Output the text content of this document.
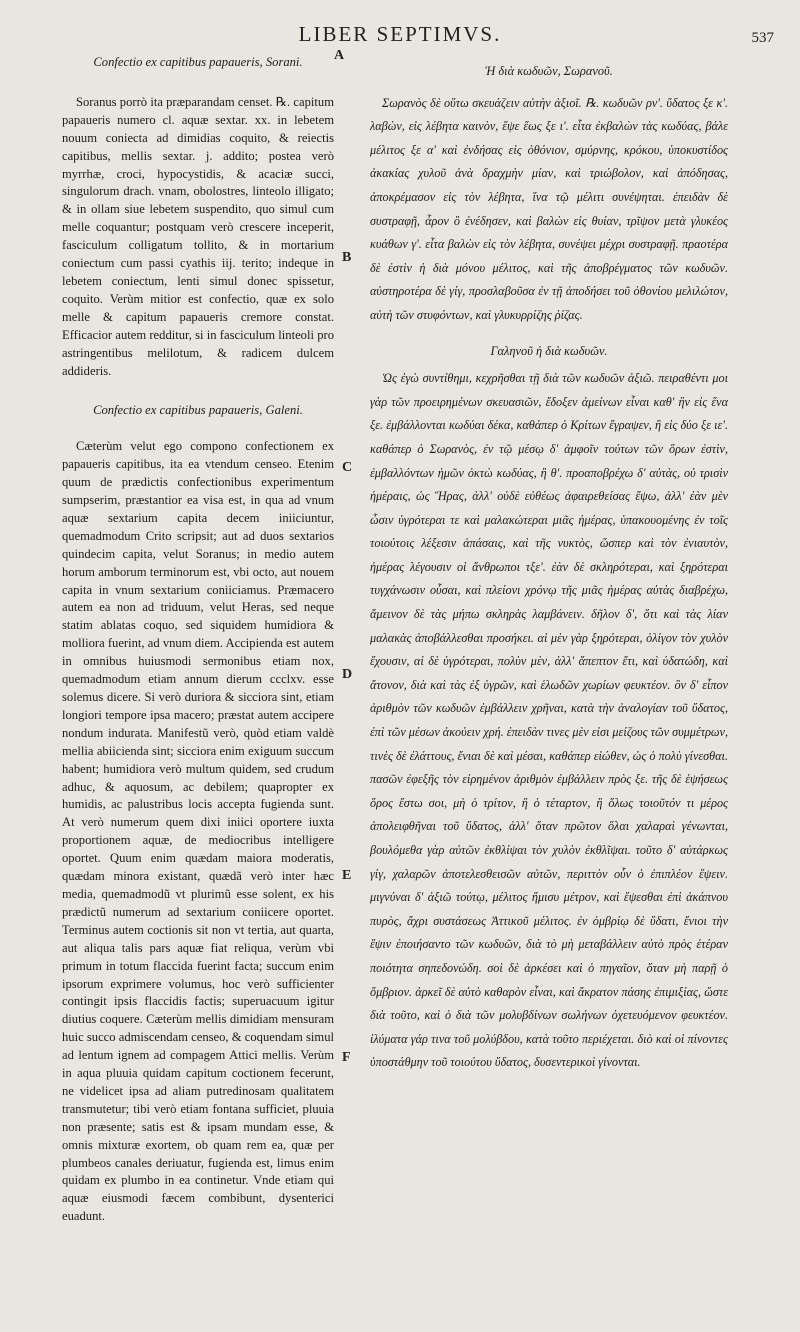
LIBER SEPTIMVS.	537
Confectio ex capitibus papaueris, Sorani.

Soranus porrò ita præparandam censet. ℞. capitum papaueris numero cl. aquæ sextar. xx. in lebetem nouum coniecta ad dimidias coquito, & reiectis capitibus, mellis sextar. j. addito; postea verò myrrhæ, croci, hypocystidis, & acaciæ succi, singulorum drach. vnam, obolostres, linteolo illigato; & in ollam siue lebetem suspendito, quo simul cum melle coquantur; postquam verò crescere inceperit, fasciculum colligatum tollito, & in mortarium coniectum cum passi cyathis iij. terito; indeque in lebetem coniectum, lenti simul donec spissetur, coquito. Verùm mitior est confectio, quæ ex solo melle & capitum papaueris cremore constat. Efficacior autem redditur, si in fasciculum linteoli pro astringentibus melilotum, & radicem dulcem addideris.

Confectio ex capitibus papaueris, Galeni.

Cæterùm velut ego compono confectionem ex papaueris capitibus, ita ea vtendum censeo. Etenim quum de prædictis confectionibus experimentum sumpserim, præstantior ea visa est, in qua ad vnum aquæ sextarium capita decem iniiciuntur, quemadmodum Crito scripsit; aut ad duos sextarios quindecim capita, velut Soranus; in medio autem horum amborum terminorum est, vbi octo, aut nouem capita in vnum sextarium coniiciamus. Præmacero autem ea non ad triduum, velut Heras, sed neque statim ablatas coquo, sed siquidem humidiora & molliora fuerint, ad vnum diem. Accipienda est autem in omnibus huiusmodi sermonibus etiam nox, quemadmodum etiam annum dierum ccclxv. esse solemus dicere. Si verò duriora & sicciora sint, etiam longiori tempore ipsa macero; præstat autem accipere nondum indurata. Manifestũ verò, quòd etiam valdè mellia abiicienda sint; sicciora enim exiguum succum habent; humidiora verò multum quidem, sed crudum adhuc, & aquosum, ac debilem; quapropter ex humidis, ac palustribus locis accepta fugienda sunt. At verò numerum quem dixi iniici oportere iuxta proportionem aquæ, de mediocribus intelligere oportet. Quum enim quædam maiora moderatis, quædam minora existant, quædã verò inter hæc media, quemadmodũ vt plurimũ esse solent, ex his prædictũ numerum ad sextarium coniicere oportet. Terminus autem coctionis sit non vt tertia, aut quarta, aut aliqua talis pars aquæ fiat reliqua, verùm vbi primum in totum flaccida fuerint facta; succum enim ipsorum exprimere volumus, hoc verò sufficienter contingit ipsis flaccidis factis; superuacuum igitur diutius coquere. Cæterùm mellis dimidiam mensuram huic succo admiscendam censeo, & coquendam simul ad lentum ignem ad compagem Attici mellis. Verùm in aqua pluuia quidam capitum coctionem fecerunt, ne videlicet ipsa ad aliam putredinosam qualitatem transmutetur; tibi verò etiam fontana sufficiet, pluuia non præsente; satis est & ipsam mundam esse, & omnis mixturæ exortem, ob quam rem ea, quæ per plumbeos canales deriuatur, fugienda est, limus enim quidam ex plumbo in ea continetur. Vnde etiam qui aquæ eiusmodi fæcem combibunt, dysenterici euadunt.

A
B
C
D
E
F
Ἡ διὰ κωδυῶν, Σωρανοῦ.

Σωρανὸς δὲ οὕτω σκευάζειν αὐτὴν ἀξιοῖ. ℞. κωδυῶν ρν'. ὕδατος ξε κ'. λαβὼν, εἰς λέβητα καινὸν, ἕψε ἕως ξε ι'. εἶτα ἐκβαλὼν τὰς κωδύας, βάλε μέλιτος ξε α' καὶ ἐνδήσας εἰς ὀθόνιον, σμύρνης, κρόκου, ὑποκυστίδος ἀκακίας χυλοῦ ἀνὰ δραχμὴν μίαν, καὶ τριώβολον, καὶ ἀπόδησας, ἀποκρέμασον εἰς τὸν λέβητα, ἵνα τῷ μέλιτι συνέψηται. ἐπειδὰν δὲ συστραφῇ, ἆρον ὃ ἐνέδησεν, καὶ βαλὼν εἰς θυίαν, τρῖψον μετὰ γλυκέος κυάθων γ'. εἶτα βαλὼν εἰς τὸν λέβητα, συνέψει μέχρι συστραφῇ. πραοτέρα δὲ ἐστὶν ἡ διὰ μόνου μέλιτος, καὶ τῆς ἀποβρέγματος τῶν κωδυῶν. αὐστηροτέρα δὲ γίγ, προσλαβοῦσα ἐν τῇ ἀποδήσει τοῦ ὀθονίου μελιλώτον, αὐτὴ τῶν στυφόντων, καὶ γλυκυρρίζης ῥίζας.

Γαληνοῦ ἡ διὰ κωδυῶν.

Ὡς ἐγὼ συντίθημι, κεχρῆσθαι τῇ διὰ τῶν κωδυῶν ἀξιῶ. πειραθέντι μοι γὰρ τῶν προειρημένων σκευασιῶν, ἔδοξεν ἀμείνων εἶναι καθ' ἣν εἰς ἕνα ξε. ἐμβάλλονται κωδύαι δέκα, καθάπερ ὁ Κρίτων ἔγραψεν, ἢ εἰς δύο ξε ιε'. καθάπερ ὁ Σωρανὸς, ἐν τῷ μέσῳ δ' ἀμφοῖν τούτων τῶν ὅρων ἐστὶν, ἐμβαλλόντων ἡμῶν ὀκτὼ κωδύας, ἢ θ'. προαποβρέχω δ' αὐτὰς, οὐ τρισὶν ἡμέραις, ὡς Ἥρας, ἀλλ' οὐδὲ εὐθέως ἀφαιρεθείσας ἕψω, ἀλλ' ἐὰν μὲν ὦσιν ὑγρότεραι τε καὶ μαλακώτεραι μιᾶς ἡμέρας, ὑπακουομένης ἐν τοῖς τοιούτοις λέξεσιν ἁπάσαις, καὶ τῆς νυκτὸς, ὥσπερ καὶ τὸν ἐνιαυτὸν, ἡμέρας λέγουσιν οἱ ἄνθρωποι τξε'. ἐὰν δὲ σκληρότεραι, καὶ ξηρότεραι τυγχάνωσιν οὖσαι, καὶ πλείονι χρόνῳ τῆς μιᾶς ἡμέρας αὐτὰς διαβρέχω, ἄμεινον δὲ τὰς μήπω σκληρὰς λαμβάνειν. δῆλον δ', ὅτι καὶ τὰς λίαν μαλακὰς ἀποβάλλεσθαι προσήκει. αἱ μὲν γὰρ ξηρότεραι, ὀλίγον τὸν χυλὸν ἔχουσιν, αἱ δὲ ὑγρότεραι, πολὺν μὲν, ἀλλ' ἄπεπτον ἔτι, καὶ ὑδατώδη, καὶ ἄτονον, διὰ καὶ τὰς ἐξ ὑγρῶν, καὶ ἑλωδῶν χωρίων φευκτέον. ὃν δ' εἶπον ἀριθμὸν τῶν κωδυῶν ἐμβάλλειν χρῆναι, κατὰ τὴν ἀναλογίαν τοῦ ὕδατος, ἐπὶ τῶν μέσων ἀκούειν χρή. ἐπειδὰν τινες μὲν εἰσι μείζους τῶν συμμέτρων, τινὲς δὲ ἐλάττους, ἔνιαι δὲ καὶ μέσαι, καθάπερ εἰώθεν, ὡς ὁ πολὺ γίνεσθαι. πασῶν ἐφεξῆς τὸν εἰρημένον ἀριθμὸν ἐμβάλλειν πρὸς ξε. τῆς δὲ ἑψήσεως ὅρος ἔστω σοι, μὴ ὁ τρίτον, ἢ ὁ τέταρτον, ἢ ὅλως τοιοῦτόν τι μέρος ἀπολειφθῆναι τοῦ ὕδατος, ἀλλ' ὅταν πρῶτον ὅλαι χαλαραὶ γένωνται, βουλόμεθα γὰρ αὐτῶν ἐκθλίψαι τὸν χυλὸν ἐκθλῖψαι. τοῦτο δ' αὐτάρκως γίγ, χαλαρῶν ἀποτελεσθεισῶν αὐτῶν, περιττὸν οὖν ὁ ἐπιπλέον ἕψειν. μιγνύναι δ' ἀξιῶ τούτῳ, μέλιτος ἥμισυ μέτρον, καὶ ἕψεσθαι ἐπὶ ἀκάπνου πυρὸς, ἄχρι συστάσεως Ἀττικοῦ μέλιτος. ἐν ὀμβρίῳ δὲ ὕδατι, ἔνιοι τὴν ἕψιν ἐποιήσαντο τῶν κωδυῶν, διὰ τὸ μὴ μεταβάλλειν αὐτὸ πρὸς ἑτέραν ποιότητα σηπεδονώδη. σοὶ δὲ ἀρκέσει καὶ ὁ πηγαῖον, ὅταν μὴ παρῇ ὁ ὄμβριον. ἀρκεῖ δὲ αὐτὸ καθαρὸν εἶναι, καὶ ἄκρατον πάσης ἐπιμιξίας, ὥστε διὰ τοῦτο, καὶ ὁ διὰ τῶν μολυβδίνων σωλήνων ὀχετευόμενον φευκτέον. ἰλύματα γάρ τινα τοῦ μολύβδου, κατὰ τοῦτο περιέχεται. διὸ καὶ οἱ πίνοντες ὑποστάθμην τοῦ τοιούτου ὕδατος, δυσεντερικοὶ γίνονται.
